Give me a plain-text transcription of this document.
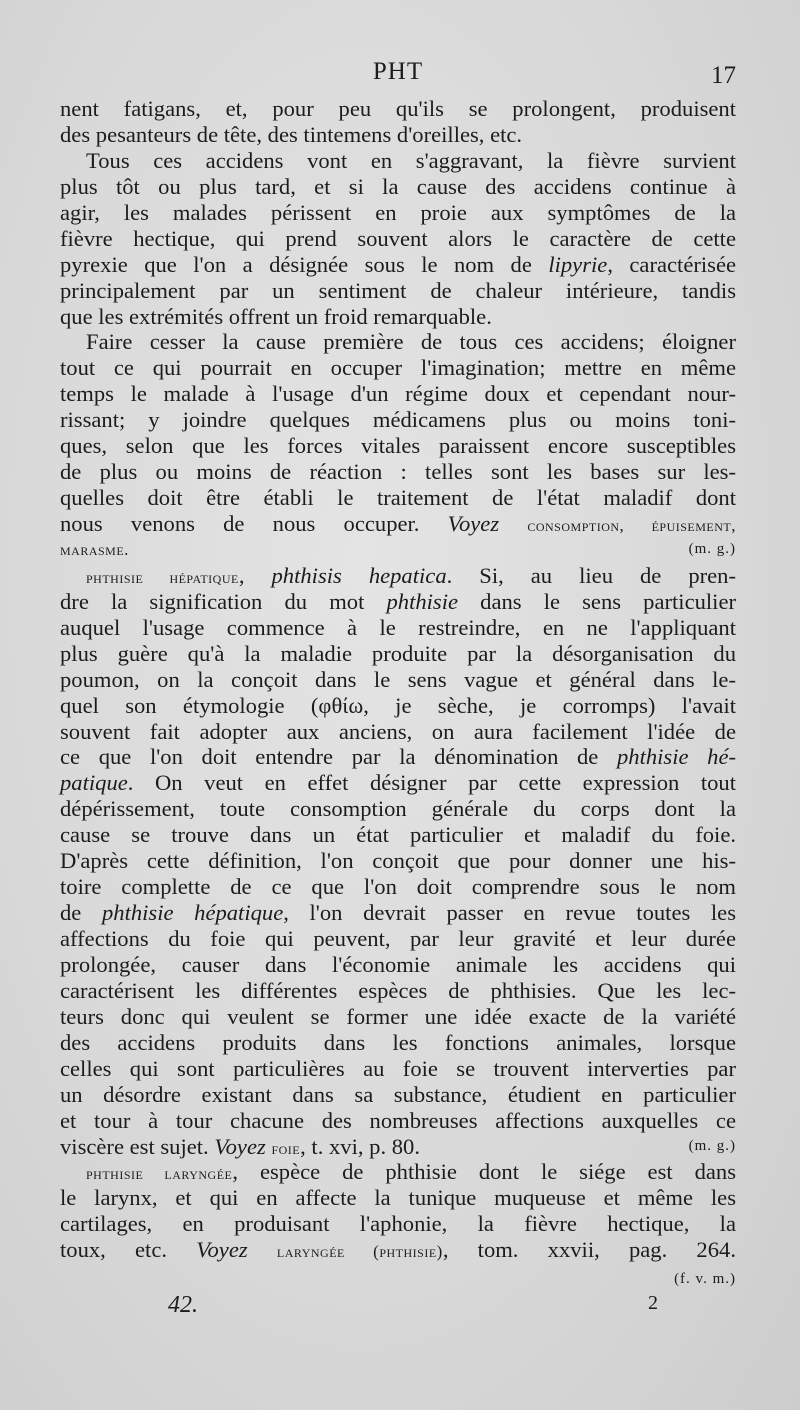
PHT	17
nent fatigans, et, pour peu qu'ils se prolongent, produisent
des pesanteurs de tête, des tintemens d'oreilles, etc.
Tous ces accidens vont en s'aggravant, la fièvre survient
plus tôt ou plus tard, et si la cause des accidens continue à
agir, les malades périssent en proie aux symptômes de la
fièvre hectique, qui prend souvent alors le caractère de cette
pyrexie que l'on a désignée sous le nom de lipyrie, caractérisée
principalement par un sentiment de chaleur intérieure, tandis
que les extrémités offrent un froid remarquable.
Faire cesser la cause première de tous ces accidens; éloigner
tout ce qui pourrait en occuper l'imagination; mettre en même
temps le malade à l'usage d'un régime doux et cependant nour-
rissant; y joindre quelques médicamens plus ou moins toni-
ques, selon que les forces vitales paraissent encore susceptibles
de plus ou moins de réaction : telles sont les bases sur les-
quelles doit être établi le traitement de l'état maladif dont
nous venons de nous occuper. Voyez consomption, épuisement,
marasme.	(m. g.)
phthisie hépatique, phthisis hepatica. Si, au lieu de pren-
dre la signification du mot phthisie dans le sens particulier
auquel l'usage commence à le restreindre, en ne l'appliquant
plus guère qu'à la maladie produite par la désorganisation du
poumon, on la conçoit dans le sens vague et général dans le-
quel son étymologie (φθίω, je sèche, je corromps) l'avait
souvent fait adopter aux anciens, on aura facilement l'idée de
ce que l'on doit entendre par la dénomination de phthisie hé-
patique. On veut en effet désigner par cette expression tout
dépérissement, toute consomption générale du corps dont la
cause se trouve dans un état particulier et maladif du foie.
D'après cette définition, l'on conçoit que pour donner une his-
toire complette de ce que l'on doit comprendre sous le nom
de phthisie hépatique, l'on devrait passer en revue toutes les
affections du foie qui peuvent, par leur gravité et leur durée
prolongée, causer dans l'économie animale les accidens qui
caractérisent les différentes espèces de phthisies. Que les lec-
teurs donc qui veulent se former une idée exacte de la variété
des accidens produits dans les fonctions animales, lorsque
celles qui sont particulières au foie se trouvent interverties par
un désordre existant dans sa substance, étudient en particulier
et tour à tour chacune des nombreuses affections auxquelles ce
viscère est sujet. Voyez foie, t. xvi, p. 80.	(m. g.)
phthisie laryngée, espèce de phthisie dont le siége est dans
le larynx, et qui en affecte la tunique muqueuse et même les
cartilages, en produisant l'aphonie, la fièvre hectique, la
toux, etc. Voyez laryngée (phthisie), tom. xxvii, pag. 264.
(f. v. m.)
42.	2
